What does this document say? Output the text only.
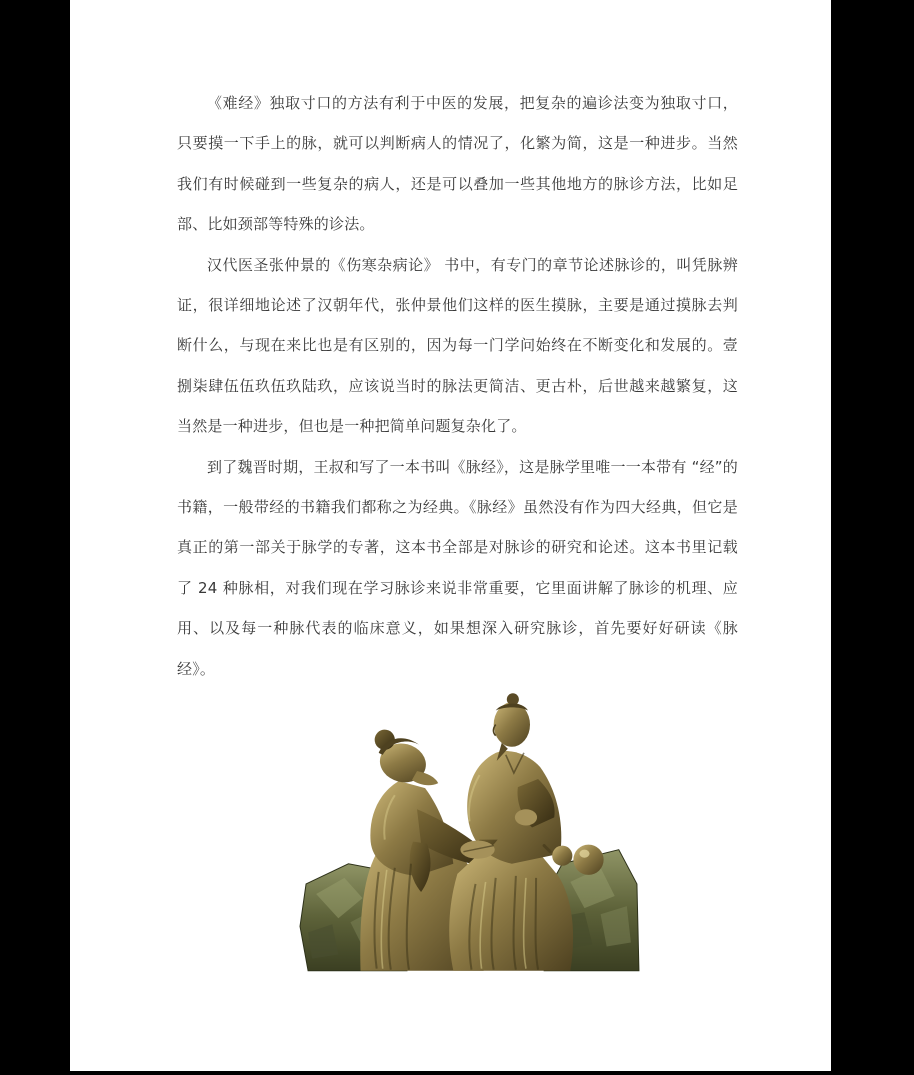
《难经》独取寸口的方法有利于中医的发展，把复杂的遍诊法变为独取寸口，只要摸一下手上的脉，就可以判断病人的情况了，化繁为简，这是一种进步。当然我们有时候碰到一些复杂的病人，还是可以叠加一些其他地方的脉诊方法，比如足部、比如颈部等特殊的诊法。

汉代医圣张仲景的《伤寒杂病论》 书中，有专门的章节论述脉诊的，叫凭脉辨证，很详细地论述了汉朝年代，张仲景他们这样的医生摸脉，主要是通过摸脉去判断什么，与现在来比也是有区别的，因为每一门学问始终在不断变化和发展的。壹捌柒肆伍伍玖伍玖陆玖，应该说当时的脉法更简洁、更古朴，后世越来越繁复，这当然是一种进步，但也是一种把简单问题复杂化了。

到了魏晋时期，王叔和写了一本书叫《脉经》，这是脉学里唯一一本带有 “经”的书籍，一般带经的书籍我们都称之为经典。《脉经》虽然没有作为四大经典，但它是真正的第一部关于脉学的专著，这本书全部是对脉诊的研究和论述。这本书里记载了 24 种脉相，对我们现在学习脉诊来说非常重要，它里面讲解了脉诊的机理、应用、以及每一种脉代表的临床意义，如果想深入研究脉诊，首先要好好研读《脉经》。
